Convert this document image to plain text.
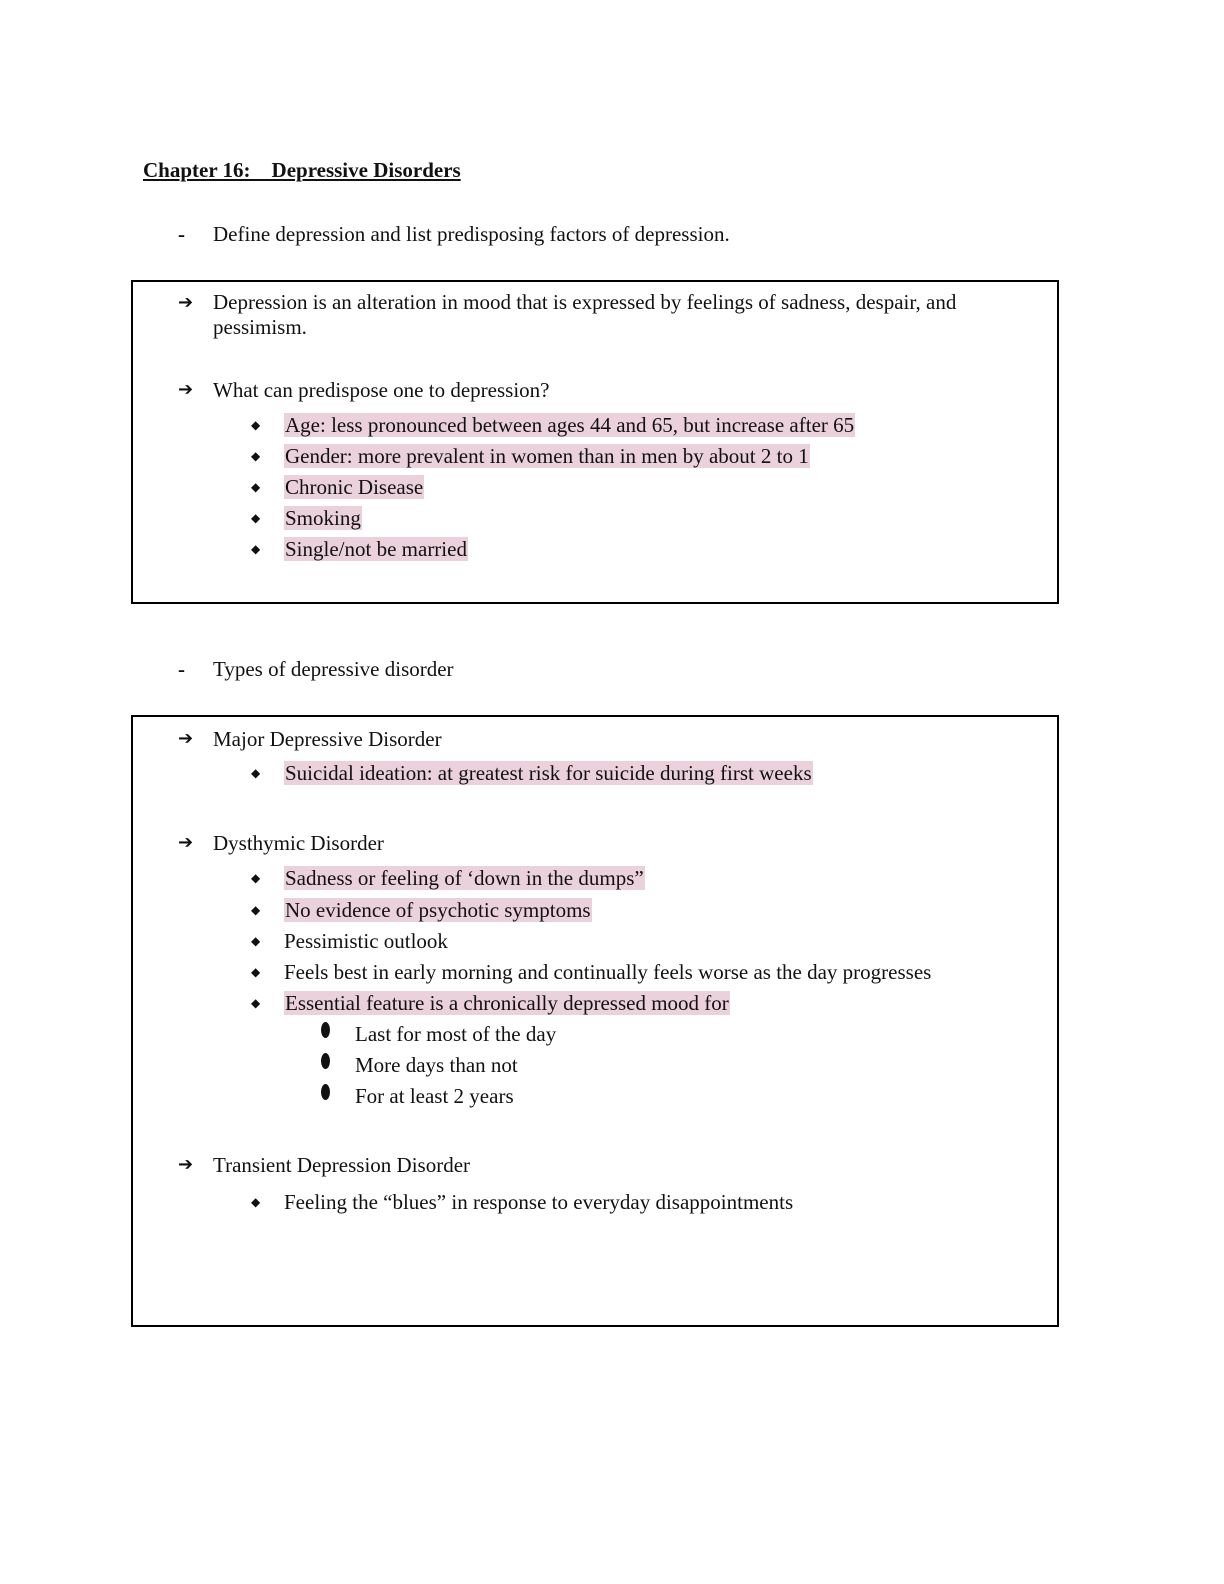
Chapter 16:    Depressive Disorders
- Define depression and list predisposing factors of depression.
➔ Depression is an alteration in mood that is expressed by feelings of sadness, despair, and pessimism.
➔ What can predispose one to depression?
◆ Age: less pronounced between ages 44 and 65, but increase after 65
◆ Gender: more prevalent in women than in men by about 2 to 1
◆ Chronic Disease
◆ Smoking
◆ Single/not be married
- Types of depressive disorder
➔ Major Depressive Disorder
◆ Suicidal ideation: at greatest risk for suicide during first weeks
➔ Dysthymic Disorder
◆ Sadness or feeling of ‘down in the dumps”
◆ No evidence of psychotic symptoms
◆ Pessimistic outlook
◆ Feels best in early morning and continually feels worse as the day progresses
◆ Essential feature is a chronically depressed mood for
Last for most of the day
More days than not
For at least 2 years
➔ Transient Depression Disorder
◆ Feeling the “blues” in response to everyday disappointments
